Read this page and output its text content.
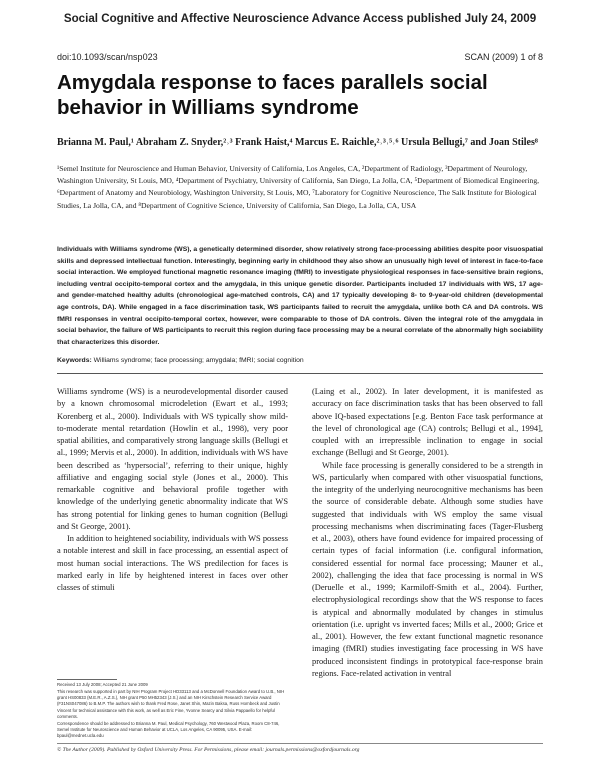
Social Cognitive and Affective Neuroscience Advance Access published July 24, 2009
doi:10.1093/scan/nsp023	SCAN (2009) 1 of 8
Amygdala response to faces parallels social behavior in Williams syndrome
Brianna M. Paul,¹ Abraham Z. Snyder,²˒³ Frank Haist,⁴ Marcus E. Raichle,²˒³˒⁵˒⁶ Ursula Bellugi,⁷ and Joan Stiles⁸
¹Semel Institute for Neuroscience and Human Behavior, University of California, Los Angeles, CA, ²Department of Radiology, ³Department of Neurology, Washington University, St Louis, MO, ⁴Department of Psychiatry, University of California, San Diego, La Jolla, CA, ⁵Department of Biomedical Engineering, ⁶Department of Anatomy and Neurobiology, Washington University, St Louis, MO, ⁷Laboratory for Cognitive Neuroscience, The Salk Institute for Biological Studies, La Jolla, CA, and ⁸Department of Cognitive Science, University of California, San Diego, La Jolla, CA, USA
Individuals with Williams syndrome (WS), a genetically determined disorder, show relatively strong face-processing abilities despite poor visuospatial skills and depressed intellectual function. Interestingly, beginning early in childhood they also show an unusually high level of interest in face-to-face social interaction. We employed functional magnetic resonance imaging (fMRI) to investigate physiological responses in face-sensitive brain regions, including ventral occipito-temporal cortex and the amygdala, in this unique genetic disorder. Participants included 17 individuals with WS, 17 age- and gender-matched healthy adults (chronological age-matched controls, CA) and 17 typically developing 8- to 9-year-old children (developmental age controls, DA). While engaged in a face discrimination task, WS participants failed to recruit the amygdala, unlike both CA and DA controls. WS fMRI responses in ventral occipito-temporal cortex, however, were comparable to those of DA controls. Given the integral role of the amygdala in social behavior, the failure of WS participants to recruit this region during face processing may be a neural correlate of the abnormally high sociability that characterizes this disorder.
Keywords: Williams syndrome; face processing; amygdala; fMRI; social cognition

Williams syndrome (WS) is a neurodevelopmental disorder caused by a known chromosomal microdeletion (Ewart et al., 1993; Korenberg et al., 2000). Individuals with WS typically show mild-to-moderate mental retardation (Howlin et al., 1998), very poor spatial abilities, and comparatively strong language skills (Bellugi et al., 1999; Mervis et al., 2000). In addition, individuals with WS have been described as ‘hypersocial’, referring to their unique, highly affiliative and engaging social style (Jones et al., 2000). This remarkable cognitive and behavioral profile together with knowledge of the underlying genetic abnormality indicate that WS has strong potential for linking genes to human cognition (Bellugi and St George, 2001).

In addition to heightened sociability, individuals with WS possess a notable interest and skill in face processing, an essential aspect of most human social interactions. The WS predilection for faces is marked early in life by heightened interest in faces over other classes of stimuli

(Laing et al., 2002). In later development, it is manifested as accuracy on face discrimination tasks that has been observed to fall above IQ-based expectations [e.g. Benton Face task performance at the level of chronological age (CA) controls; Bellugi et al., 1994], coupled with an irrepressible inclination to engage in social exchange (Bellugi and St George, 2001).

While face processing is generally considered to be a strength in WS, particularly when compared with other visuospatial functions, the integrity of the underlying neurocognitive mechanisms has been the source of considerable debate. Although some studies have suggested that individuals with WS employ the same visual processing mechanisms when discriminating faces (Tager-Flusberg et al., 2003), others have found evidence for impaired processing of certain types of facial information (i.e. configural information, considered essential for normal face processing; Mauner et al., 2002), challenging the idea that face processing is normal in WS (Deruelle et al., 1999; Karmiloff-Smith et al., 2004). Further, electrophysiological recordings show that the WS response to faces is atypical and abnormally modulated by changes in stimulus orientation (i.e. upright vs inverted faces; Mills et al., 2000; Grice et al., 2001). However, the few extant functional magnetic resonance imaging (fMRI) studies investigating face processing in WS have produced inconsistent findings in prototypical face-response brain regions. Face-related activation in ventral

Received 13 July 2008; Accepted 21 June 2009

This research was supported in part by NIH Program Project HD33113 and a McDonnell Foundation Award to U.B., NIH grant HS00833 (M.E.R., A.Z.S.), NIH grant P50 MH52343 (J.S.) and an NIH Kirschstein Research Service Award (F31NS047086) to B.M.P. The authors wish to thank Fred Rose, Janet Shin, Mazin Baksa, Russ Hornbeck and Justin Vincent for technical assistance with this work, as well as Eric Fine, Yvonne Searcy and Silvia Pappaello for helpful comments.

Correspondence should be addressed to Brianna M. Paul, Medical Psychology, 760 Westwood Plaza, Room C8-746, Semel Institute for Neuroscience and Human Behavior at UCLA, Los Angeles, CA 90095, USA. E-mail: bpaul@mednet.ucla.edu

© The Author (2009). Published by Oxford University Press. For Permissions, please email: journals.permissions@oxfordjournals.org
